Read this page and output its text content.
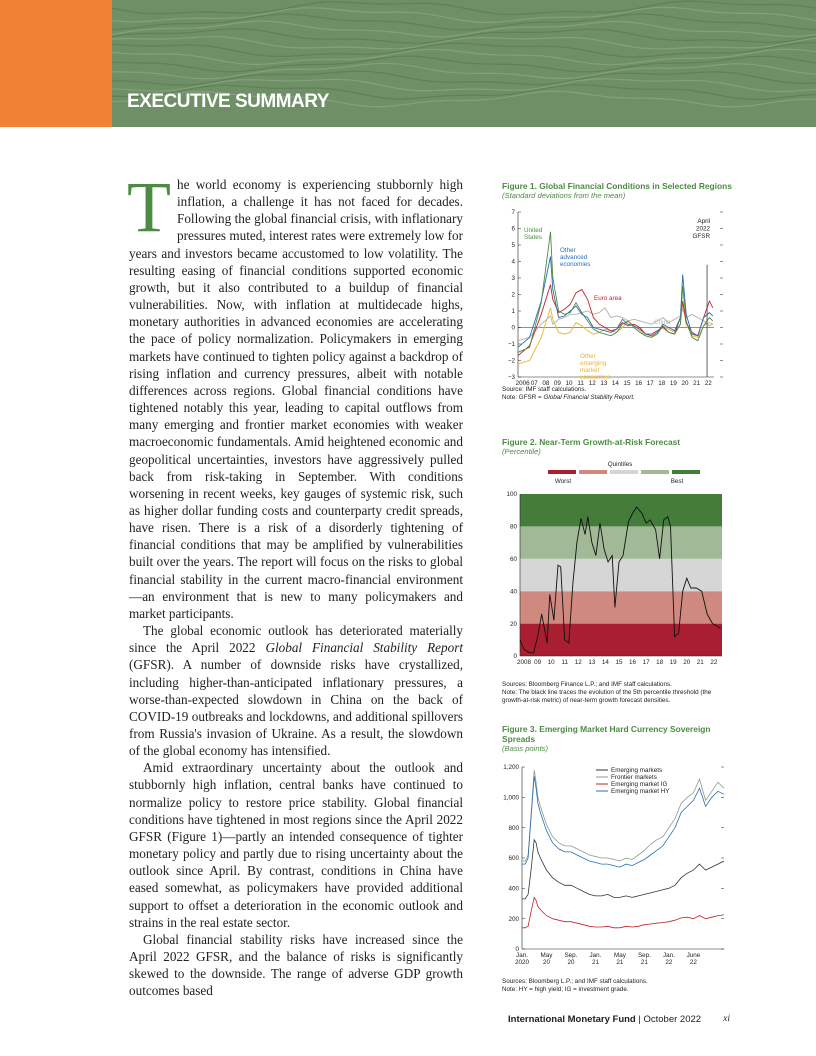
EXECUTIVE SUMMARY

The world economy is experiencing stubbornly high inflation, a challenge it has not faced for decades. Following the global financial crisis, with inflationary pressures muted, interest rates were extremely low for years and investors became accustomed to low volatility. The resulting easing of financial conditions supported economic growth, but it also contributed to a buildup of financial vulnerabilities. Now, with inflation at multidecade highs, monetary authorities in advanced economies are accelerating the pace of policy normalization. Policymakers in emerging markets have continued to tighten policy against a backdrop of rising inflation and currency pressures, albeit with notable differences across regions. Global financial conditions have tightened notably this year, leading to capital outflows from many emerging and frontier market economies with weaker macroeconomic fundamentals. Amid heightened economic and geopolitical uncertainties, investors have aggressively pulled back from risk-taking in September. With conditions worsening in recent weeks, key gauges of systemic risk, such as higher dollar funding costs and counterparty credit spreads, have risen. There is a risk of a disorderly tightening of financial conditions that may be amplified by vulnerabilities built over the years. The report will focus on the risks to global financial stability in the current macro-financial environment—an environment that is new to many policymakers and market participants.

The global economic outlook has deteriorated materially since the April 2022 Global Financial Stability Report (GFSR). A number of downside risks have crystallized, including higher-than-anticipated inflationary pressures, a worse-than-expected slowdown in China on the back of COVID-19 outbreaks and lockdowns, and additional spillovers from Russia's invasion of Ukraine. As a result, the slowdown of the global economy has intensified.

Amid extraordinary uncertainty about the outlook and stubbornly high inflation, central banks have continued to normalize policy to restore price stability. Global financial conditions have tightened in most regions since the April 2022 GFSR (Figure 1)—partly an intended consequence of tighter monetary policy and partly due to rising uncertainty about the outlook since April. By contrast, conditions in China have eased somewhat, as policymakers have provided additional support to offset a deterioration in the economic outlook and strains in the real estate sector.

Global financial stability risks have increased since the April 2022 GFSR, and the balance of risks is significantly skewed to the downside. The range of adverse GDP growth outcomes based

Figure 1. Global Financial Conditions in Selected Regions
(Standard deviations from the mean)
−3
−2
−1
0
1
2
3
4
5
6
7
2006 07 08 09 10 11 12 13 14 15 16 17 18 19 20 21 22
April
2022
GFSR
United
States
Other
advanced
economies
Euro area
China
Other
emerging
market
economies
Source: IMF staff calculations.
Note: GFSR = Global Financial Stability Report.
Figure 2. Near-Term Growth-at-Risk Forecast
(Percentile)
Quintiles
Worst	Best
0
20
40
60
80
100
2008 09 10 11 12 13 14 15 16 17 18 19 20 21 22
Sources: Bloomberg Finance L.P.; and IMF staff calculations.
Note: The black line traces the evolution of the 5th percentile threshold (the growth-at-risk metric) of near-term growth forecast densities.
Figure 3. Emerging Market Hard Currency Sovereign Spreads
(Basis points)
0
200
400
600
800
1,000
1,200
Jan.
2020
May
20
Sep.
20
Jan.
21
May
21
Sep.
21
Jan.
22
June
22
Emerging markets
Frontier markets
Emerging market IG
Emerging market HY
Sources: Bloomberg L.P.; and IMF staff calculations.
Note: HY = high yield; IG = investment grade.
International Monetary Fund | October 2022 xi
